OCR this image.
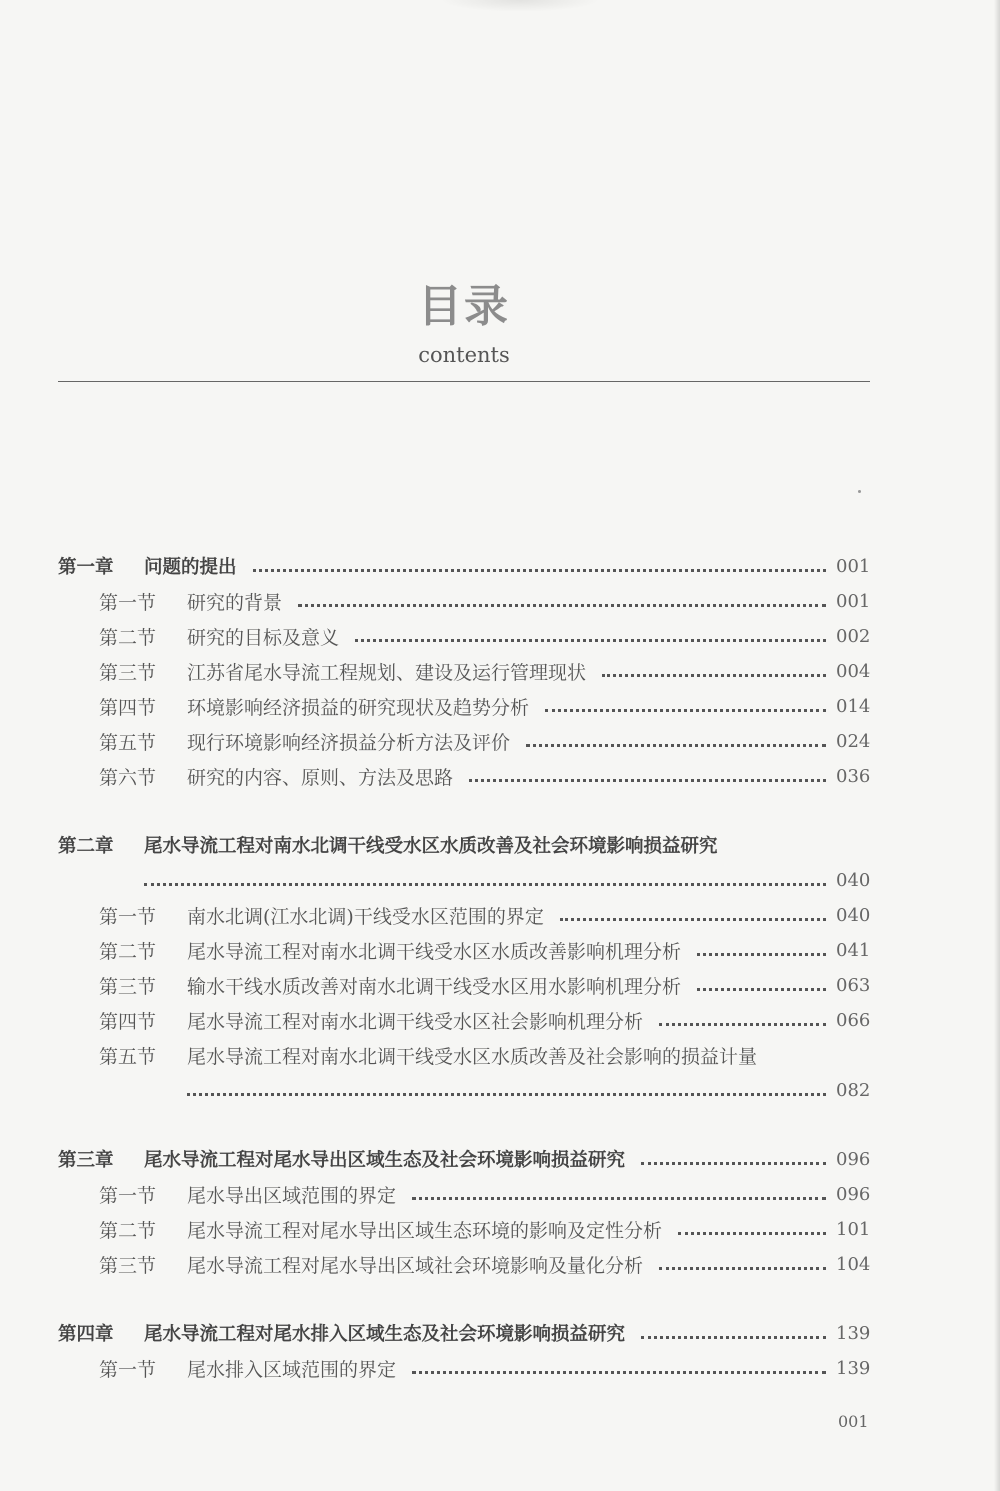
目录
contents
第一章	问题的提出	001
第一节	研究的背景	001
第二节	研究的目标及意义	002
第三节	江苏省尾水导流工程规划、建设及运行管理现状	004
第四节	环境影响经济损益的研究现状及趋势分析	014
第五节	现行环境影响经济损益分析方法及评价	024
第六节	研究的内容、原则、方法及思路	036
第二章	尾水导流工程对南水北调干线受水区水质改善及社会环境影响损益研究
040
第一节	南水北调(江水北调)干线受水区范围的界定	040
第二节	尾水导流工程对南水北调干线受水区水质改善影响机理分析	041
第三节	输水干线水质改善对南水北调干线受水区用水影响机理分析	063
第四节	尾水导流工程对南水北调干线受水区社会影响机理分析	066
第五节	尾水导流工程对南水北调干线受水区水质改善及社会影响的损益计量
082
第三章	尾水导流工程对尾水导出区域生态及社会环境影响损益研究	096
第一节	尾水导出区域范围的界定	096
第二节	尾水导流工程对尾水导出区域生态环境的影响及定性分析	101
第三节	尾水导流工程对尾水导出区域社会环境影响及量化分析	104
第四章	尾水导流工程对尾水排入区域生态及社会环境影响损益研究	139
第一节	尾水排入区域范围的界定	139
001
